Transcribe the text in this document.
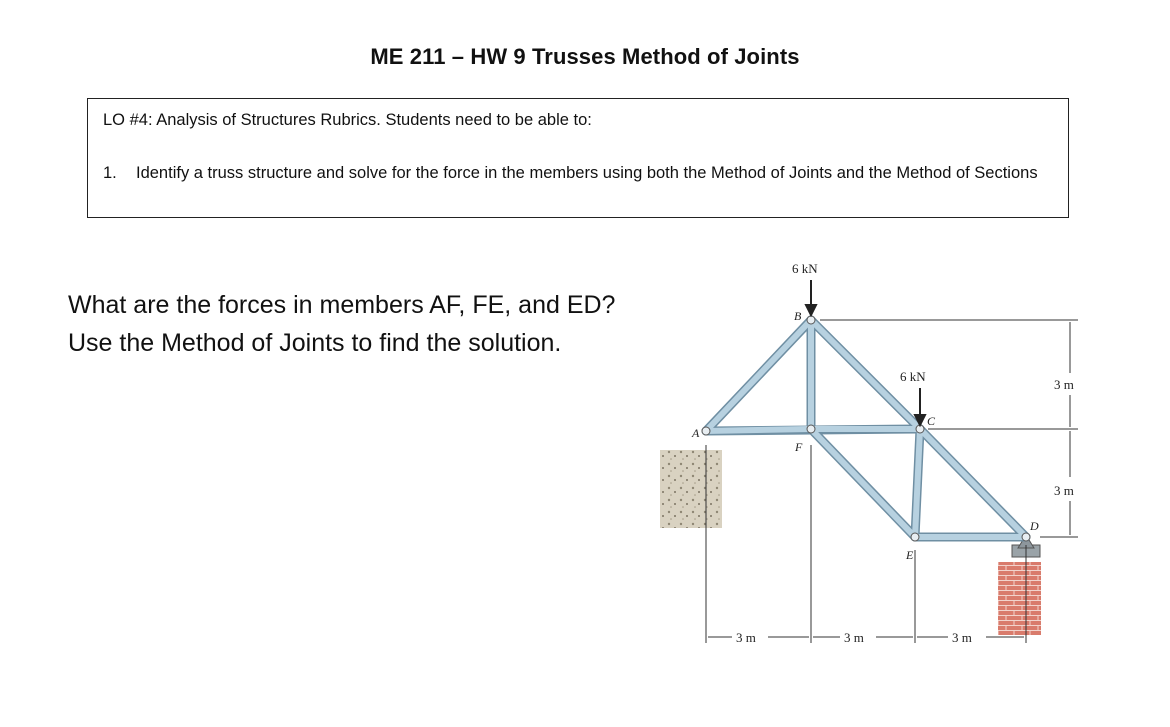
ME 211 – HW 9 Trusses Method of Joints
LO #4: Analysis of Structures Rubrics. Students need to be able to:
1. Identify a truss structure and solve for the force in the members using both the Method of Joints and the Method of Sections
What are the forces in members AF, FE, and ED? Use the Method of Joints to find the solution.
6 kN
6 kN
A
B
C
D
E
F
3 m	3 m	3 m
3 m
3 m
